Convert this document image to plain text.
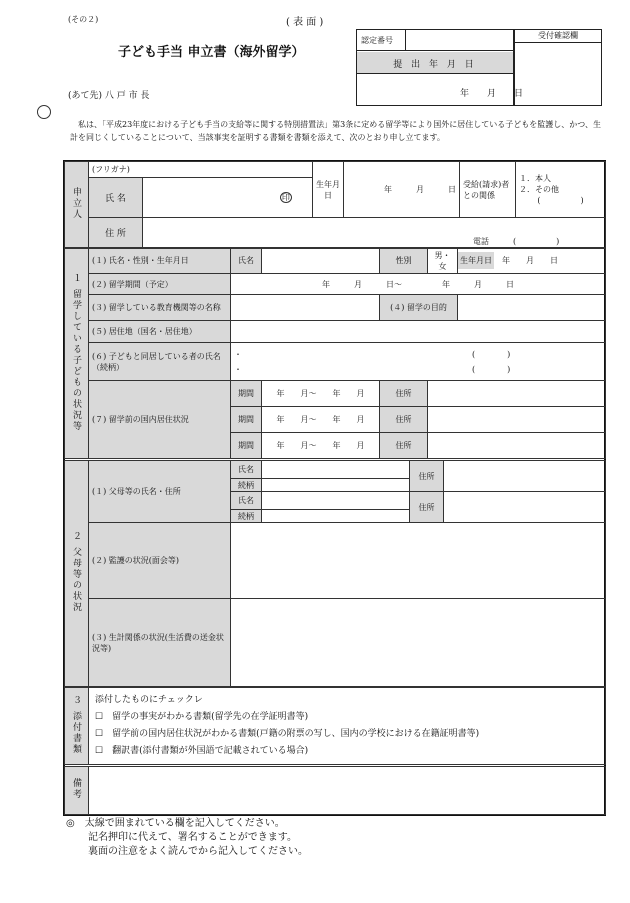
(その２)	( 表 面 )
子ども手当 申立書（海外留学）
(あて先) 八 戸 市 長
認定番号
提 出 年 月 日
年　　月　　日
受付確認欄
私は、「平成23年度における子ども手当の支給等に関する特別措置法」第3条に定める留学等により国外に居住している子どもを監護し、かつ、生計を同じくしていることについて、当該事実を証明する書類を書類を添えて、次のとおり申し立てます。
申立人	(フリガナ)		生年月日	年　　　月　　　日	受給(請求)者との関係	１．本人
２．その他
(　　　　　)

	氏 名	印				
	住 所	電話　　　 (　　　　　)				
１ 留学している子どもの状況等	(１) 氏名・性別・生年月日	氏名		性別	男・女	生年月日　 年　　月　　日
	(２) 留学期間（予定）	年　　　月　　　日～　　　　　年　　　月　　　日				
	(３) 留学している教育機関等の名称			(４) 留学の目的		
	(５) 居住地（国名・居住地）					
	(６) 子どもと同居している者の氏名（続柄）	・ (　　　　)
・ (　　　　)				

	(７) 留学前の国内居住状況	期間	年　　月～　　年　　月	住所		
		期間	年　　月～　　年　　月	住所		
		期間	年　　月～　　年　　月	住所		
２ 父母等の状況	(１) 父母等の氏名・住所	氏名		住所	
		続柄			
		氏名		住所	
		続柄			
	(２) 監護の状況(面会等)				
	(３) 生計関係の状況(生活費の送金状況等)				
３ 添付書類	添付したものにチェックレ
☐　 留学の事実がわかる書類(留学先の在学証明書等)
☐　 留学前の国内居住状況がわかる書類(戸籍の附票の写し、国内の学校における在籍証明書等)
☐　 翻訳書(添付書類が外国語で記載されている場合)
備考	
◎　太線で囲まれている欄を記入してください。
記名押印に代えて、署名することができます。
裏面の注意をよく読んでから記入してください。
